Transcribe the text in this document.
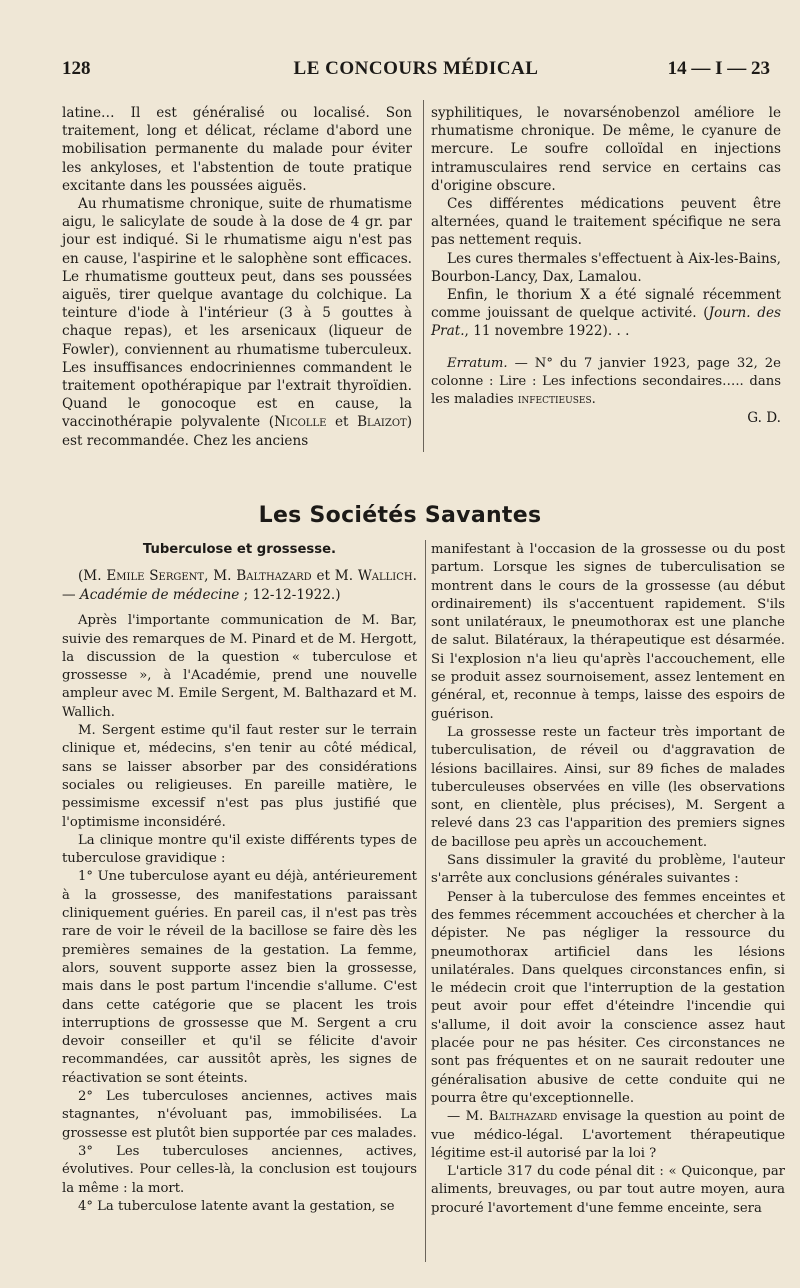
128	LE CONCOURS MÉDICAL	14 — I — 23

latine… Il est généralisé ou localisé. Son traitement, long et délicat, réclame d'abord une mobilisation permanente du malade pour éviter les ankyloses, et l'abstention de toute pratique excitante dans les poussées aiguës.

Au rhumatisme chronique, suite de rhumatisme aigu, le salicylate de soude à la dose de 4 gr. par jour est indiqué. Si le rhumatisme aigu n'est pas en cause, l'aspirine et le salophène sont efficaces. Le rhumatisme goutteux peut, dans ses poussées aiguës, tirer quelque avantage du colchique. La teinture d'iode à l'intérieur (3 à 5 gouttes à chaque repas), et les arsenicaux (liqueur de Fowler), conviennent au rhumatisme tuberculeux. Les insuffisances endocriniennes commandent le traitement opothérapique par l'extrait thyroïdien. Quand le gonocoque est en cause, la vaccinothérapie polyvalente (Nicolle et Blaizot) est recommandée. Chez les anciens

syphilitiques, le novarsénobenzol améliore le rhumatisme chronique. De même, le cyanure de mercure. Le soufre colloïdal en injections intramusculaires rend service en certains cas d'origine obscure.

Ces différentes médications peuvent être alternées, quand le traitement spécifique ne sera pas nettement requis.

Les cures thermales s'effectuent à Aix-les-Bains, Bourbon-Lancy, Dax, Lamalou.

Enfin, le thorium X a été signalé récemment comme jouissant de quelque activité. (Journ. des Prat., 11 novembre 1922). . .

Erratum. — N° du 7 janvier 1923, page 32, 2e colonne : Lire : Les infections secondaires….. dans les maladies infectieuses.

G. D.

Les Sociétés Savantes

Tuberculose et grossesse.

(M. Emile Sergent, M. Balthazard et M. Wallich. — Académie de médecine ; 12-12-1922.)

Après l'importante communication de M. Bar, suivie des remarques de M. Pinard et de M. Hergott, la discussion de la question « tuberculose et grossesse », à l'Académie, prend une nouvelle ampleur avec M. Emile Sergent, M. Balthazard et M. Wallich.

M. Sergent estime qu'il faut rester sur le terrain clinique et, médecins, s'en tenir au côté médical, sans se laisser absorber par des considérations sociales ou religieuses. En pareille matière, le pessimisme excessif n'est pas plus justifié que l'optimisme inconsidéré.

La clinique montre qu'il existe différents types de tuberculose gravidique :

1° Une tuberculose ayant eu déjà, antérieurement à la grossesse, des manifestations paraissant cliniquement guéries. En pareil cas, il n'est pas très rare de voir le réveil de la bacillose se faire dès les premières semaines de la gestation. La femme, alors, souvent supporte assez bien la grossesse, mais dans le post partum l'incendie s'allume. C'est dans cette catégorie que se placent les trois interruptions de grossesse que M. Sergent a cru devoir conseiller et qu'il se félicite d'avoir recommandées, car aussitôt après, les signes de réactivation se sont éteints.

2° Les tuberculoses anciennes, actives mais stagnantes, n'évoluant pas, immobilisées. La grossesse est plutôt bien supportée par ces malades.

3° Les tuberculoses anciennes, actives, évolutives. Pour celles-là, la conclusion est toujours la même : la mort.

4° La tuberculose latente avant la gestation, se

manifestant à l'occasion de la grossesse ou du post partum. Lorsque les signes de tuberculisation se montrent dans le cours de la grossesse (au début ordinairement) ils s'accentuent rapidement. S'ils sont unilatéraux, le pneumothorax est une planche de salut. Bilatéraux, la thérapeutique est désarmée. Si l'explosion n'a lieu qu'après l'accouchement, elle se produit assez sournoisement, assez lentement en général, et, reconnue à temps, laisse des espoirs de guérison.

La grossesse reste un facteur très important de tuberculisation, de réveil ou d'aggravation de lésions bacillaires. Ainsi, sur 89 fiches de malades tuberculeuses observées en ville (les observations sont, en clientèle, plus précises), M. Sergent a relevé dans 23 cas l'apparition des premiers signes de bacillose peu après un accouchement.

Sans dissimuler la gravité du problème, l'auteur s'arrête aux conclusions générales suivantes :

Penser à la tuberculose des femmes enceintes et des femmes récemment accouchées et chercher à la dépister. Ne pas négliger la ressource du pneumothorax artificiel dans les lésions unilatérales. Dans quelques circonstances enfin, si le médecin croit que l'interruption de la gestation peut avoir pour effet d'éteindre l'incendie qui s'allume, il doit avoir la conscience assez haut placée pour ne pas hésiter. Ces circonstances ne sont pas fréquentes et on ne saurait redouter une généralisation abusive de cette conduite qui ne pourra être qu'exceptionnelle.

— M. Balthazard envisage la question au point de vue médico-légal. L'avortement thérapeutique légitime est-il autorisé par la loi ?

L'article 317 du code pénal dit : « Quiconque, par aliments, breuvages, ou par tout autre moyen, aura procuré l'avortement d'une femme enceinte, sera
